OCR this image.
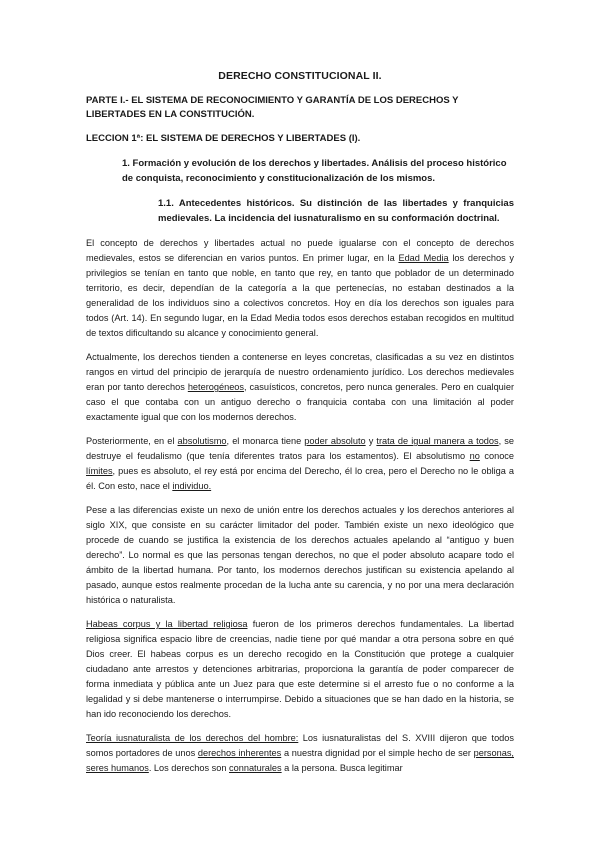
DERECHO CONSTITUCIONAL II.
PARTE I.- EL SISTEMA DE RECONOCIMIENTO Y GARANTÍA DE LOS DERECHOS Y LIBERTADES EN LA CONSTITUCIÓN.
LECCION 1ª: EL SISTEMA DE DERECHOS Y LIBERTADES (I).
1. Formación y evolución de los derechos y libertades. Análisis del proceso histórico de conquista, reconocimiento y constitucionalización de los mismos.
1.1. Antecedentes históricos. Su distinción de las libertades y franquicias medievales. La incidencia del iusnaturalismo en su conformación doctrinal.

El concepto de derechos y libertades actual no puede igualarse con el concepto de derechos medievales, estos se diferencian en varios puntos. En primer lugar, en la Edad Media los derechos y privilegios se tenían en tanto que noble, en tanto que rey, en tanto que poblador de un determinado territorio, es decir, dependían de la categoría a la que pertenecías, no estaban destinados a la generalidad de los individuos sino a colectivos concretos. Hoy en día los derechos son iguales para todos (Art. 14). En segundo lugar, en la Edad Media todos esos derechos estaban recogidos en multitud de textos dificultando su alcance y conocimiento general.

Actualmente, los derechos tienden a contenerse en leyes concretas, clasificadas a su vez en distintos rangos en virtud del principio de jerarquía de nuestro ordenamiento jurídico. Los derechos medievales eran por tanto derechos heterogéneos, casuísticos, concretos, pero nunca generales. Pero en cualquier caso el que contaba con un antiguo derecho o franquicia contaba con una limitación al poder exactamente igual que con los modernos derechos.

Posteriormente, en el absolutismo, el monarca tiene poder absoluto y trata de igual manera a todos, se destruye el feudalismo (que tenía diferentes tratos para los estamentos). El absolutismo no conoce límites, pues es absoluto, el rey está por encima del Derecho, él lo crea, pero el Derecho no le obliga a él. Con esto, nace el individuo.

Pese a las diferencias existe un nexo de unión entre los derechos actuales y los derechos anteriores al siglo XIX, que consiste en su carácter limitador del poder. También existe un nexo ideológico que procede de cuando se justifica la existencia de los derechos actuales apelando al “antiguo y buen derecho”. Lo normal es que las personas tengan derechos, no que el poder absoluto acapare todo el ámbito de la libertad humana. Por tanto, los modernos derechos justifican su existencia apelando al pasado, aunque estos realmente procedan de la lucha ante su carencia, y no por una mera declaración histórica o naturalista.

Habeas corpus y la libertad religiosa fueron de los primeros derechos fundamentales. La libertad religiosa significa espacio libre de creencias, nadie tiene por qué mandar a otra persona sobre en qué Dios creer. El habeas corpus es un derecho recogido en la Constitución que protege a cualquier ciudadano ante arrestos y detenciones arbitrarias, proporciona la garantía de poder comparecer de forma inmediata y pública ante un Juez para que este determine si el arresto fue o no conforme a la legalidad y si debe mantenerse o interrumpirse. Debido a situaciones que se han dado en la historia, se han ido reconociendo los derechos.

Teoría iusnaturalista de los derechos del hombre: Los iusnaturalistas del S. XVIII dijeron que todos somos portadores de unos derechos inherentes a nuestra dignidad por el simple hecho de ser personas, seres humanos. Los derechos son connaturales a la persona. Busca legitimar
